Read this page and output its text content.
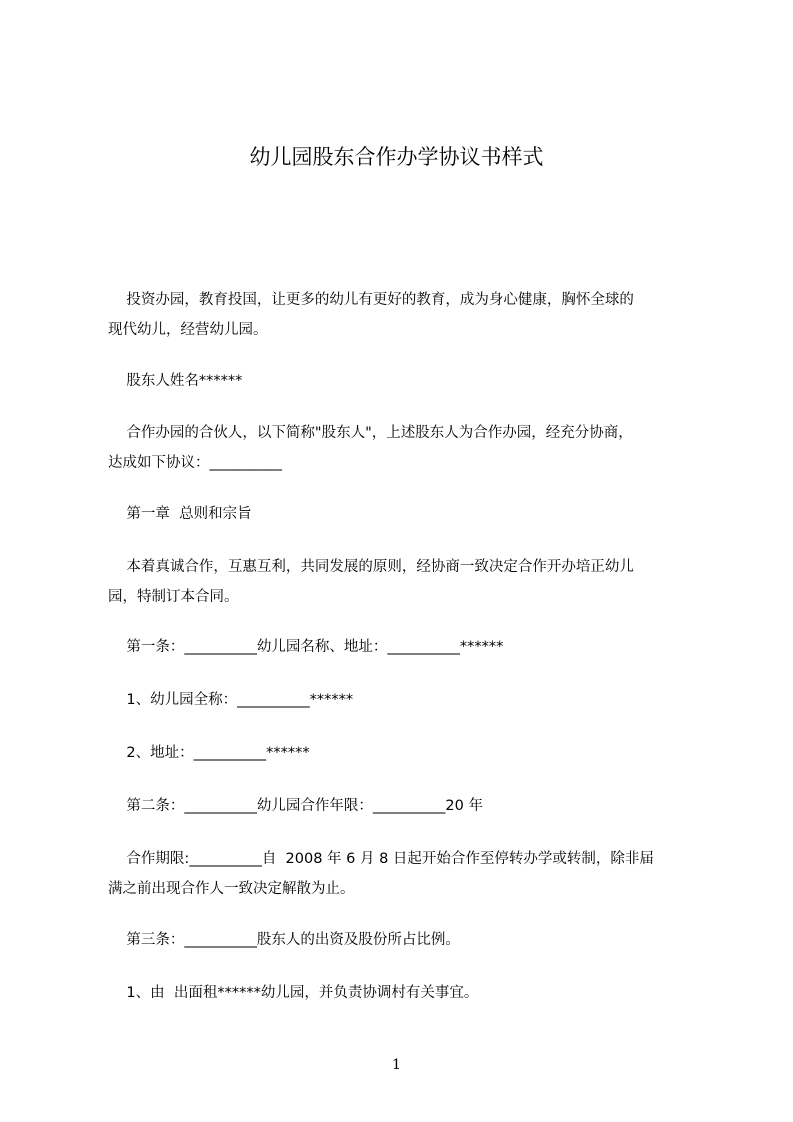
幼儿园股东合作办学协议书样式

投资办园，教育投国，让更多的幼儿有更好的教育，成为身心健康，胸怀全球的
现代幼儿，经营幼儿园。

股东人姓名******

合作办园的合伙人，以下简称"股东人"，上述股东人为合作办园，经充分协商，
达成如下协议：__________

第一章  总则和宗旨

本着真诚合作，互惠互利，共同发展的原则，经协商一致决定合作开办培正幼儿
园，特制订本合同。

第一条：__________幼儿园名称、地址：__________******

1、幼儿园全称：__________******

2、地址：__________******

第二条：__________幼儿园合作年限：__________20 年

合作期限:__________自  2008 年 6 月 8 日起开始合作至停转办学或转制，除非届
满之前出现合作人一致决定解散为止。

第三条：__________股东人的出资及股份所占比例。

1、由  出面租******幼儿园，并负责协调村有关事宜。

1
